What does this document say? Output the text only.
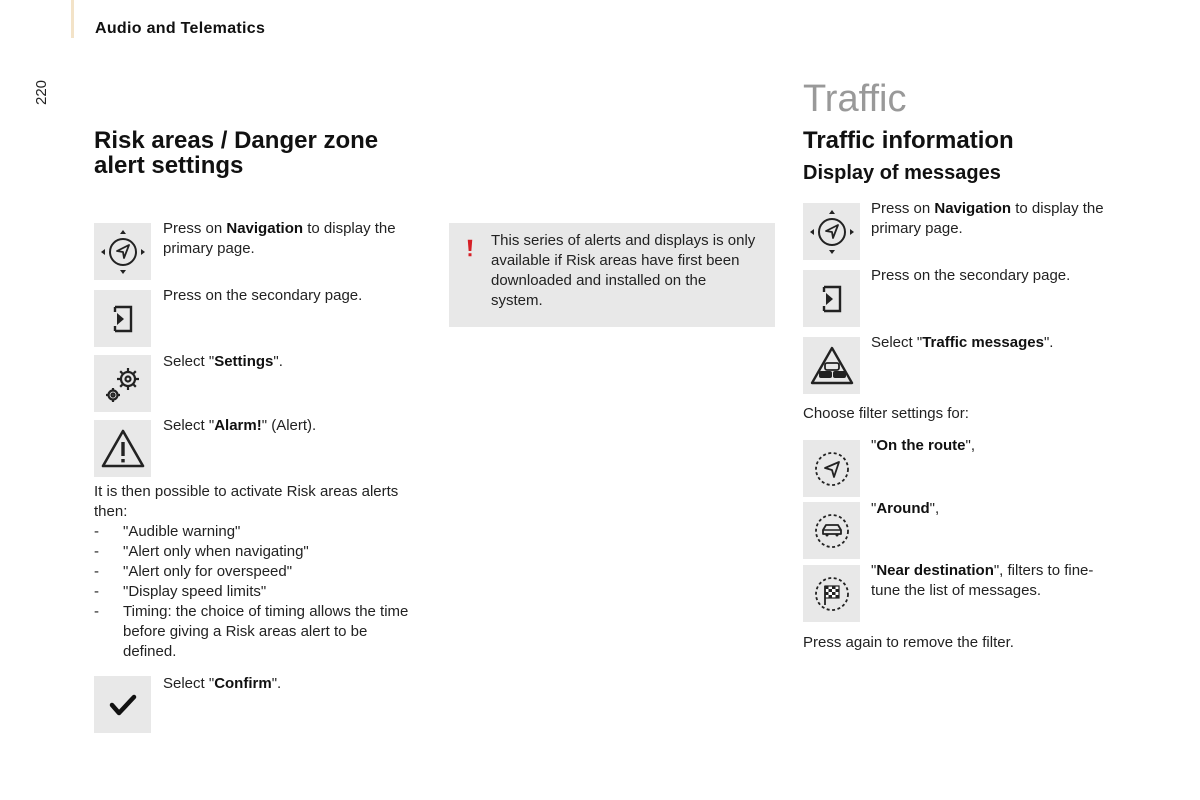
Audio and Telematics
220
Risk areas / Danger zone
alert settings
Press on Navigation to display the primary page.
Press on the secondary page.
Select "Settings".
Select "Alarm!" (Alert).
It is then possible to activate Risk areas alerts then:
-	"Audible warning"
-	"Alert only when navigating"
-	"Alert only for overspeed"
-	"Display speed limits"
-	Timing: the choice of timing allows the time before giving a Risk areas alert to be defined.
Select "Confirm".
This series of alerts and displays is only available if Risk areas have first been downloaded and installed on the system.
Traffic
Traffic information
Display of messages
Press on Navigation to display the primary page.
Press on the secondary page.
Select "Traffic messages".
Choose filter settings for:
"On the route",
"Around",
"Near destination", filters to fine-tune the list of messages.
Press again to remove the filter.
